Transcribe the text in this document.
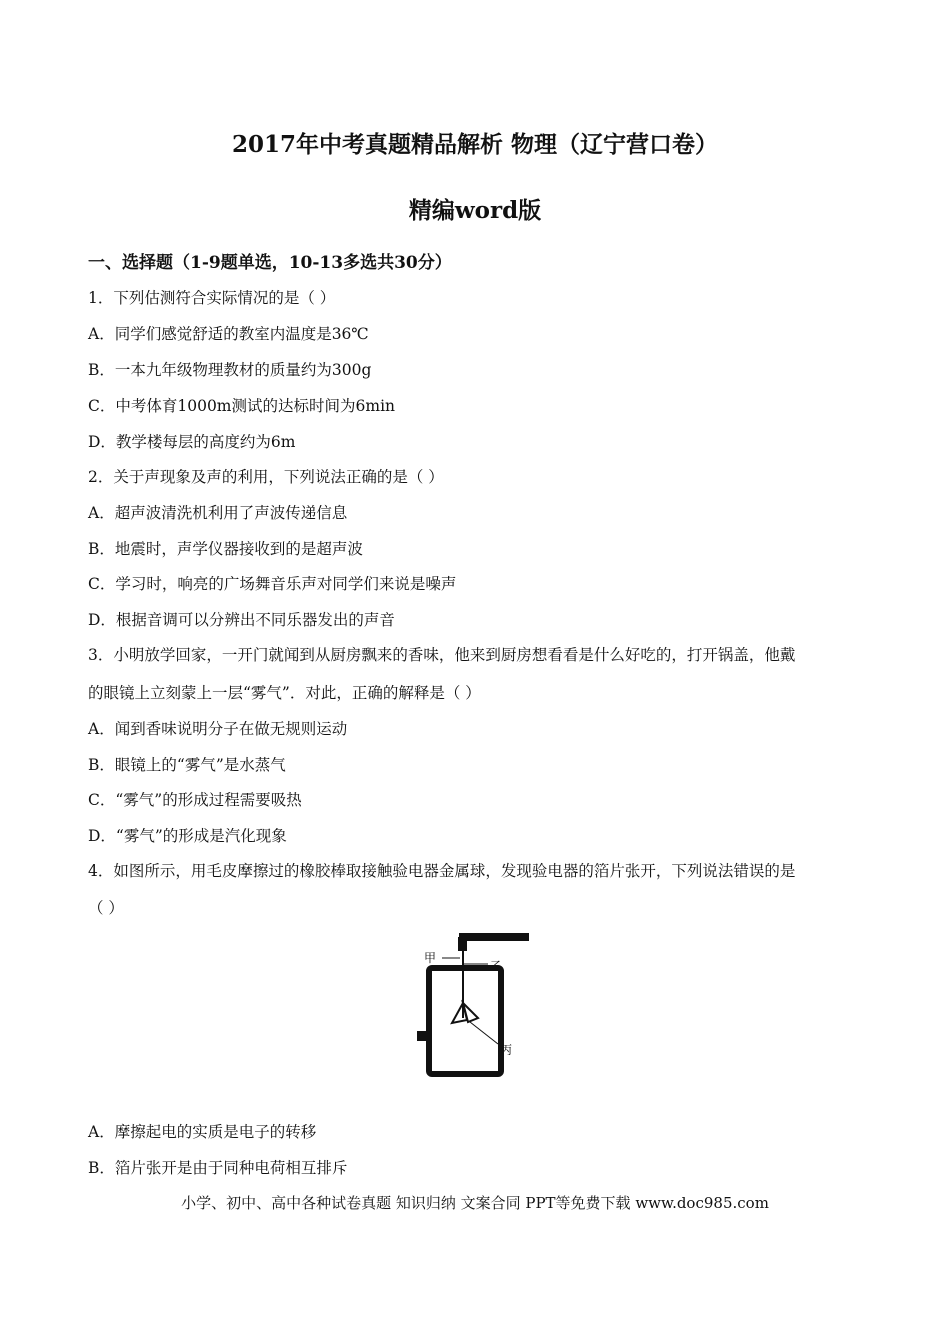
2017年中考真题精品解析 物理（辽宁营口卷）
精编word版
一、选择题（1-9题单选，10-13多选共30分）
1．下列估测符合实际情况的是（ ）
A．同学们感觉舒适的教室内温度是36℃
B．一本九年级物理教材的质量约为300g
C．中考体育1000m测试的达标时间为6min
D．教学楼每层的高度约为6m
2．关于声现象及声的利用，下列说法正确的是（ ）
A．超声波清洗机利用了声波传递信息
B．地震时，声学仪器接收到的是超声波
C．学习时，响亮的广场舞音乐声对同学们来说是噪声
D．根据音调可以分辨出不同乐器发出的声音
3．小明放学回家，一开门就闻到从厨房飘来的香味，他来到厨房想看看是什么好吃的，打开锅盖，他戴
的眼镜上立刻蒙上一层“雾气”．对此，正确的解释是（ ）
A．闻到香味说明分子在做无规则运动
B．眼镜上的“雾气”是水蒸气
C．“雾气”的形成过程需要吸热
D．“雾气”的形成是汽化现象
4．如图所示，用毛皮摩擦过的橡胶棒取接触验电器金属球，发现验电器的箔片张开，下列说法错误的是
（ ）
甲
乙
丙
A．摩擦起电的实质是电子的转移
B．箔片张开是由于同种电荷相互排斥
小学、初中、高中各种试卷真题 知识归纳 文案合同 PPT等免费下载 www.doc985.com
